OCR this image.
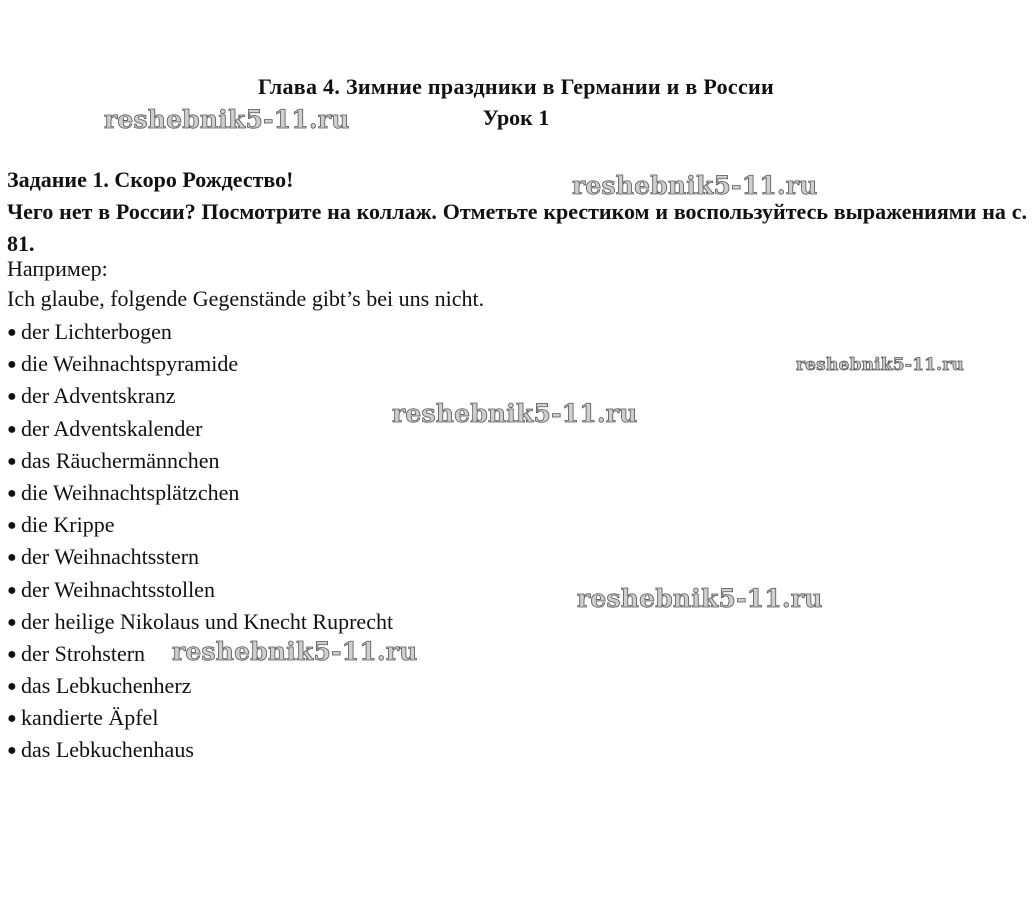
Глава 4. Зимние праздники в Германии и в России
Урок 1
Задание 1. Скоро Рождество!
Чего нет в России? Посмотрите на коллаж. Отметьте крестиком и воспользуйтесь выражениями на с. 81.
Например:
Ich glaube, folgende Gegenstände gibt’s bei uns nicht.
● der Lichterbogen
● die Weihnachtspyramide
● der Adventskranz
● der Adventskalender
● das Räuchermännchen
● die Weihnachtsplätzchen
● die Krippe
● der Weihnachtsstern
● der Weihnachtsstollen
● der heilige Nikolaus und Knecht Ruprecht
● der Strohstern
● das Lebkuchenherz
● kandierte Äpfel
● das Lebkuchenhaus
reshebnik5-11.ru
reshebnik5-11.ru
reshebnik5-11.ru
reshebnik5-11.ru
reshebnik5-11.ru
reshebnik5-11.ru
